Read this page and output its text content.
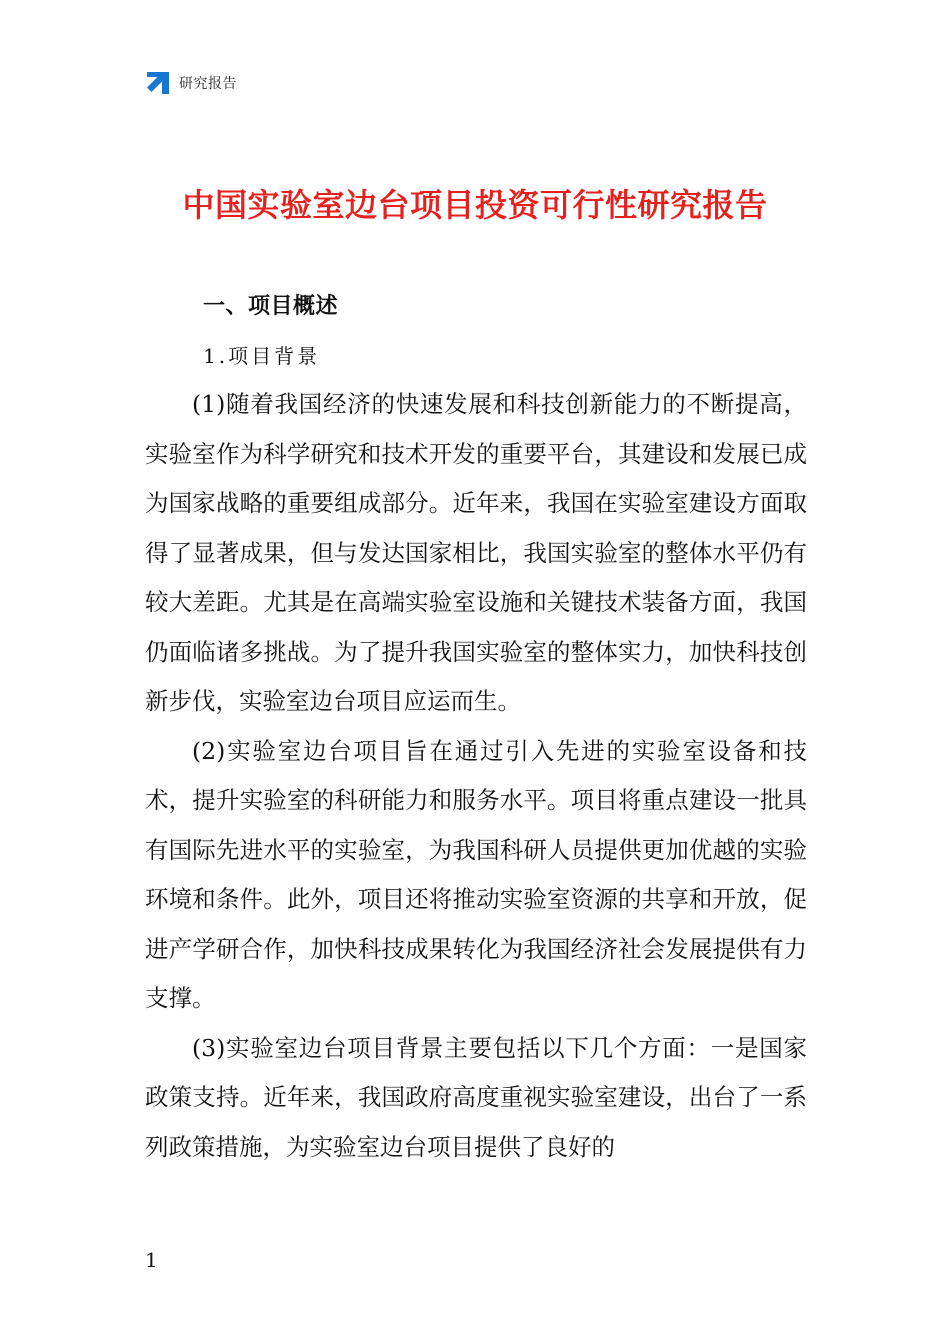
研究报告
中国实验室边台项目投资可行性研究报告
一、项目概述
1.项目背景

(1)随着我国经济的快速发展和科技创新能力的不断提高，实验室作为科学研究和技术开发的重要平台，其建设和发展已成为国家战略的重要组成部分。近年来，我国在实验室建设方面取得了显著成果，但与发达国家相比，我国实验室的整体水平仍有较大差距。尤其是在高端实验室设施和关键技术装备方面，我国仍面临诸多挑战。为了提升我国实验室的整体实力，加快科技创新步伐，实验室边台项目应运而生。

(2)实验室边台项目旨在通过引入先进的实验室设备和技术，提升实验室的科研能力和服务水平。项目将重点建设一批具有国际先进水平的实验室，为我国科研人员提供更加优越的实验环境和条件。此外，项目还将推动实验室资源的共享和开放，促进产学研合作，加快科技成果转化为我国经济社会发展提供有力支撑。

(3)实验室边台项目背景主要包括以下几个方面：一是国家政策支持。近年来，我国政府高度重视实验室建设，出台了一系列政策措施，为实验室边台项目提供了良好的

1
